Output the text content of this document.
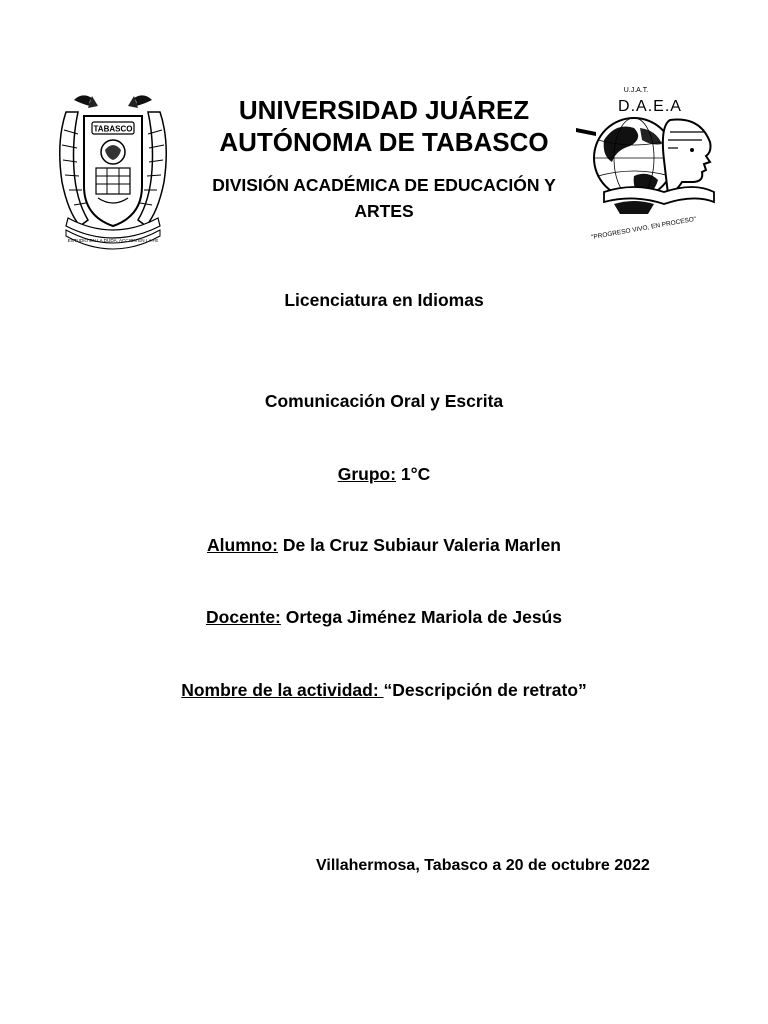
TABASCO
ESTUDIO EN LA DUDA. ACCIÓN EN LA FE
UNIVERSIDAD JUÁREZ
AUTÓNOMA DE TABASCO
DIVISIÓN ACADÉMICA DE EDUCACIÓN Y
ARTES
U.J.A.T.
D.A.E.A
"PROGRESO VIVO, EN PROCESO"
Licenciatura en Idiomas
Comunicación Oral y Escrita
Grupo: 1°C
Alumno: De la Cruz Subiaur Valeria Marlen
Docente: Ortega Jiménez Mariola de Jesús
Nombre de la actividad: “Descripción de retrato”
Villahermosa, Tabasco a 20 de octubre 2022
